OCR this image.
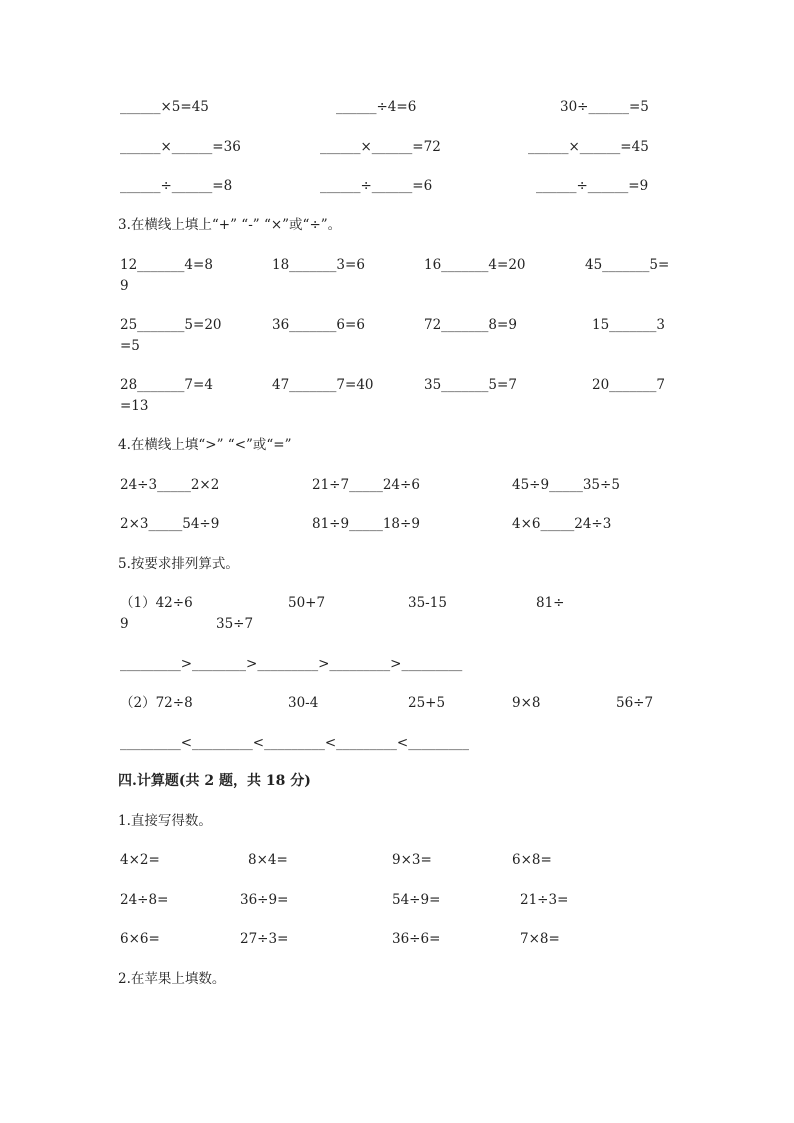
______×5=45	______÷4=6	30÷______=5
______×______=36	______×______=72	______×______=45
______÷______=8	______÷______=6	______÷______=9
3.在横线上填上“+” “-” “×”或“÷”。
12_______4=8	18_______3=6	16_______4=20	45_______5=
9
25_______5=20	36_______6=6	72_______8=9	15_______3
=5
28_______7=4	47_______7=40	35_______5=7	20_______7
=13
4.在横线上填“>” “<”或“=”
24÷3_____2×2	21÷7_____24÷6	45÷9_____35÷5
2×3_____54÷9	81÷9_____18÷9	4×6_____24÷3
5.按要求排列算式。
（1）42÷6	50+7	35-15	81÷
9	35÷7
_________>________>_________>_________>_________
（2）72÷8	30-4	25+5	9×8	56÷7
_________<_________<_________<_________<_________
四.计算题(共 2 题，共 18 分)
1.直接写得数。
4×2=	8×4=	9×3=	6×8=
24÷8=	36÷9=	54÷9=	21÷3=
6×6=	27÷3=	36÷6=	7×8=
2.在苹果上填数。
